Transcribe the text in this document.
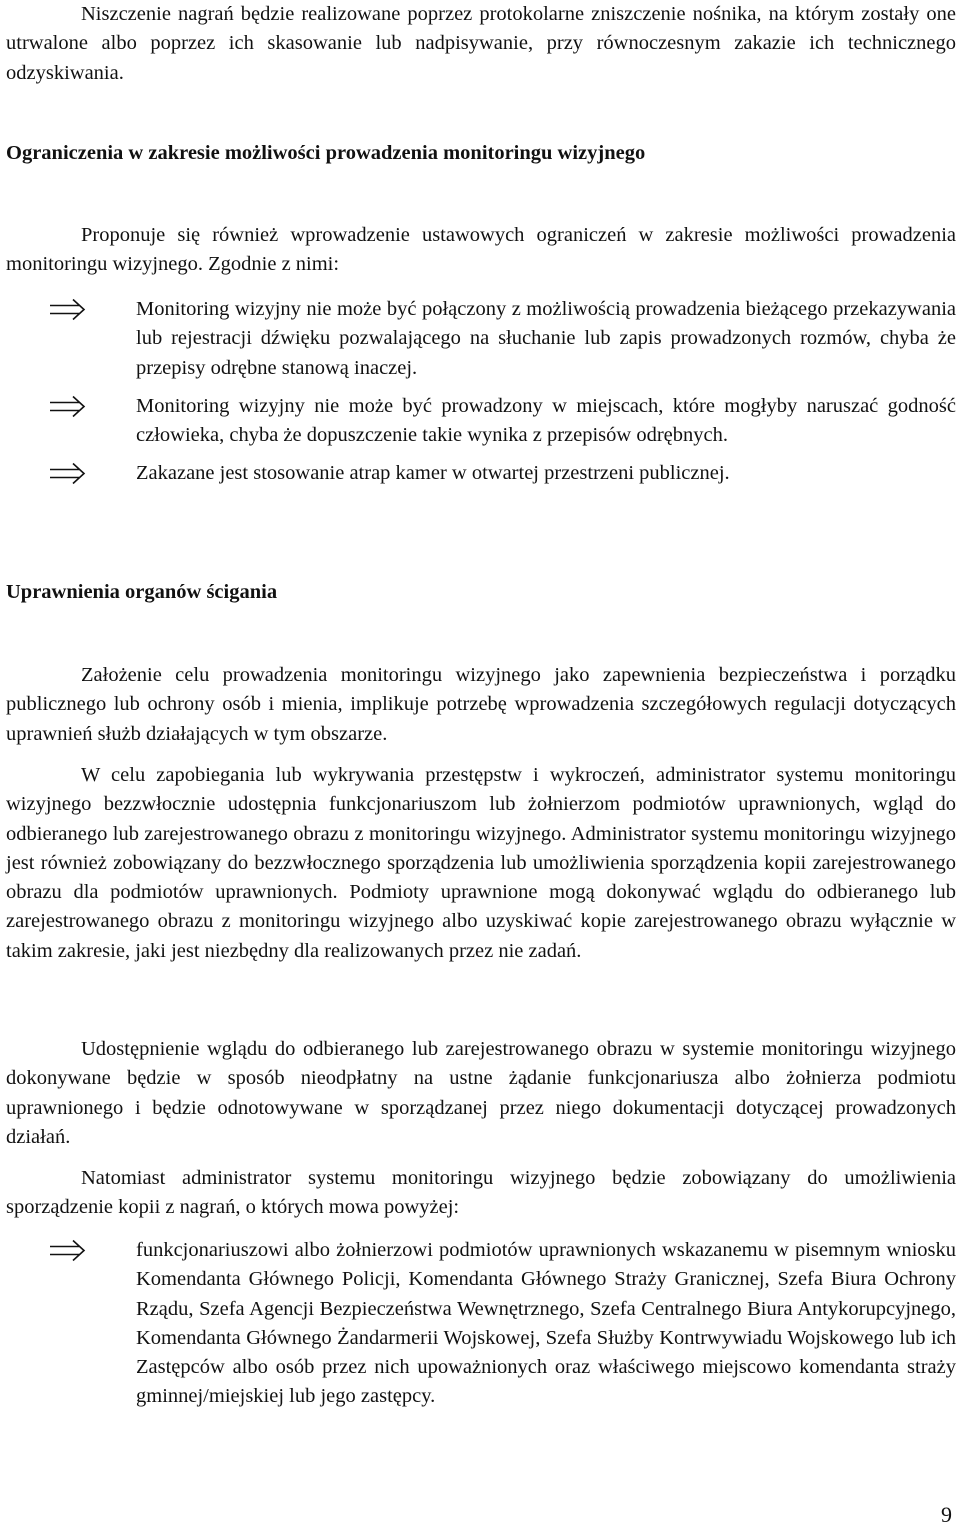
Niszczenie nagrań będzie realizowane poprzez protokolarne zniszczenie nośnika, na którym zostały one utrwalone albo poprzez ich skasowanie lub nadpisywanie, przy równoczesnym zakazie ich technicznego odzyskiwania.

Ograniczenia w zakresie możliwości prowadzenia monitoringu wizyjnego

Proponuje się również wprowadzenie ustawowych ograniczeń w zakresie możliwości prowadzenia monitoringu wizyjnego. Zgodnie z nimi:

Monitoring wizyjny nie może być połączony z możliwością prowadzenia bieżącego przekazywania lub rejestracji dźwięku pozwalającego na słuchanie lub zapis prowadzonych rozmów, chyba że przepisy odrębne stanową inaczej.
Monitoring wizyjny nie może być prowadzony w miejscach, które mogłyby naruszać godność człowieka, chyba że dopuszczenie takie wynika z przepisów odrębnych.
Zakazane jest stosowanie atrap kamer w otwartej przestrzeni publicznej.

Uprawnienia organów ścigania

Założenie celu prowadzenia monitoringu wizyjnego jako zapewnienia bezpieczeństwa i porządku publicznego lub ochrony osób i mienia, implikuje potrzebę wprowadzenia szczegółowych regulacji dotyczących uprawnień służb działających w tym obszarze.

W celu zapobiegania lub wykrywania przestępstw i wykroczeń, administrator systemu monitoringu wizyjnego bezzwłocznie udostępnia funkcjonariuszom lub żołnierzom podmiotów uprawnionych, wgląd do odbieranego lub zarejestrowanego obrazu z monitoringu wizyjnego. Administrator systemu monitoringu wizyjnego jest również zobowiązany do bezzwłocznego sporządzenia lub umożliwienia sporządzenia kopii zarejestrowanego obrazu dla podmiotów uprawnionych. Podmioty uprawnione mogą dokonywać wglądu do odbieranego lub zarejestrowanego obrazu z monitoringu wizyjnego albo uzyskiwać kopie zarejestrowanego obrazu wyłącznie w takim zakresie, jaki jest niezbędny dla realizowanych przez nie zadań.

Udostępnienie wglądu do odbieranego lub zarejestrowanego obrazu w systemie monitoringu wizyjnego dokonywane będzie w sposób nieodpłatny na ustne żądanie funkcjonariusza albo żołnierza podmiotu uprawnionego i będzie odnotowywane w sporządzanej przez niego dokumentacji dotyczącej prowadzonych działań.

Natomiast administrator systemu monitoringu wizyjnego będzie zobowiązany do umożliwienia sporządzenie kopii z nagrań, o których mowa powyżej:

funkcjonariuszowi albo żołnierzowi podmiotów uprawnionych wskazanemu w pisemnym wniosku Komendanta Głównego Policji, Komendanta Głównego Straży Granicznej, Szefa Biura Ochrony Rządu, Szefa Agencji Bezpieczeństwa Wewnętrznego, Szefa Centralnego Biura Antykorupcyjnego, Komendanta Głównego Żandarmerii Wojskowej, Szefa Służby Kontrwywiadu Wojskowego lub ich Zastępców albo osób przez nich upoważnionych oraz właściwego miejscowo komendanta straży gminnej/miejskiej lub jego zastępcy.
9
